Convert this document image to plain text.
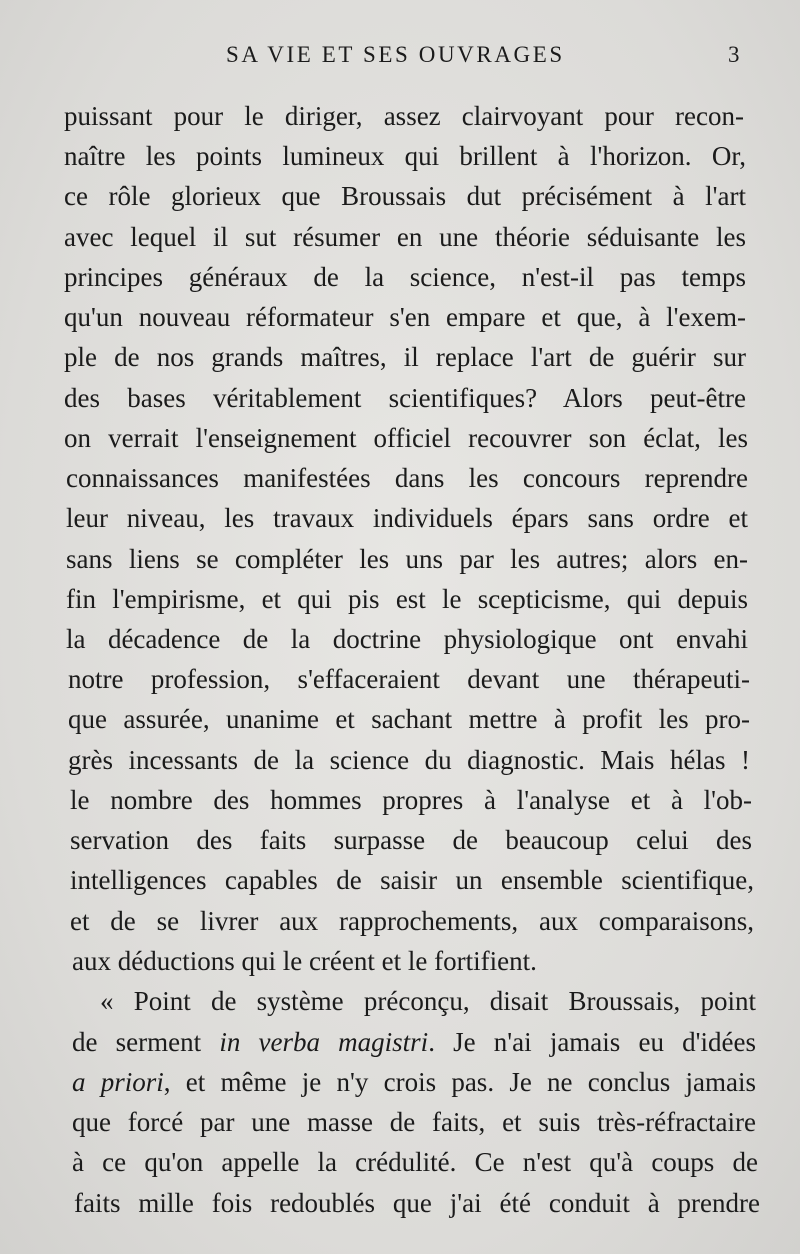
SA VIE ET SES OUVRAGES	3
puissant pour le diriger, assez clairvoyant pour recon-
naître les points lumineux qui brillent à l'horizon. Or,
ce rôle glorieux que Broussais dut précisément à l'art
avec lequel il sut résumer en une théorie séduisante les
principes généraux de la science, n'est-il pas temps
qu'un nouveau réformateur s'en empare et que, à l'exem-
ple de nos grands maîtres, il replace l'art de guérir sur
des bases véritablement scientifiques? Alors peut-être
on verrait l'enseignement officiel recouvrer son éclat, les
connaissances manifestées dans les concours reprendre
leur niveau, les travaux individuels épars sans ordre et
sans liens se compléter les uns par les autres; alors en-
fin l'empirisme, et qui pis est le scepticisme, qui depuis
la décadence de la doctrine physiologique ont envahi
notre profession, s'effaceraient devant une thérapeuti-
que assurée, unanime et sachant mettre à profit les pro-
grès incessants de la science du diagnostic. Mais hélas !
le nombre des hommes propres à l'analyse et à l'ob-
servation des faits surpasse de beaucoup celui des
intelligences capables de saisir un ensemble scientifique,
et de se livrer aux rapprochements, aux comparaisons,
aux déductions qui le créent et le fortifient.
« Point de système préconçu, disait Broussais, point
de serment in verba magistri. Je n'ai jamais eu d'idées
a priori, et même je n'y crois pas. Je ne conclus jamais
que forcé par une masse de faits, et suis très-réfractaire
à ce qu'on appelle la crédulité. Ce n'est qu'à coups de
faits mille fois redoublés que j'ai été conduit à prendre
